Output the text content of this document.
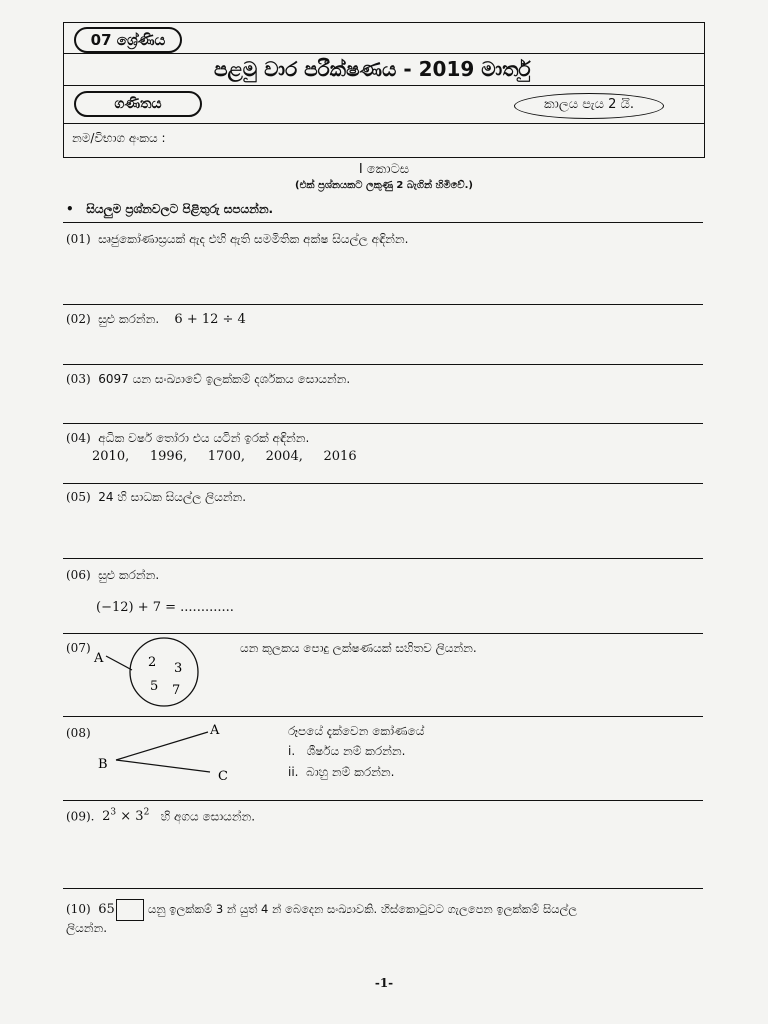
07 ශ්‍රේණිය
පළමු වාර පරීක්ෂණය - 2019 මාර්තු
ගණිතය	කාලය පැය 2 යි.
නම/විභාග අංකය :
I කොටස
(එක් ප්‍රශ්නයකට ලකුණු 2 බැගින් හිමිවේ.)
•   සියලුම ප්‍රශ්නවලට පිළිතුරු සපයන්න.
(01) සෘජුකෝණාස්‍රයක් ඇද එහි ඇති සමමිතික අක්ෂ සියල්ල අඳින්න.
(02) සුළු කරන්න. 6 + 12 ÷ 4
(03) 6097 යන සංඛ්‍යාවේ ඉලක්කම් දර්ශකය සොයන්න.
(04) අධික වර්ෂ තෝරා එය යටින් ඉරක් අඳින්න.
2010,     1996,     1700,     2004,     2016
(05) 24 හි සාධක සියල්ල ලියන්න.
(06) සුළු කරන්න.
(−12) + 7 = .............
(07)
A	2 3
5 7
යන කුලකය පොදු ලක්ෂණයක් සහිතව ලියන්න.
(08)	A
B
C
රූපයේ දැක්වෙන කෝණයේ
i.   ශීර්ෂය නම් කරන්න.
ii.  බාහු නම් කරන්න.
(09). $2^3 \times 3^2$ හි අගය සොයන්න.
(10) 65	යනු ඉලක්කම් 3 න් යුත් 4 න් බෙදෙන සංඛ්‍යාවකි. හිස්කොටුවට ගැලපෙන ඉලක්කම් සියල්ල
ලියන්න.
-1-
